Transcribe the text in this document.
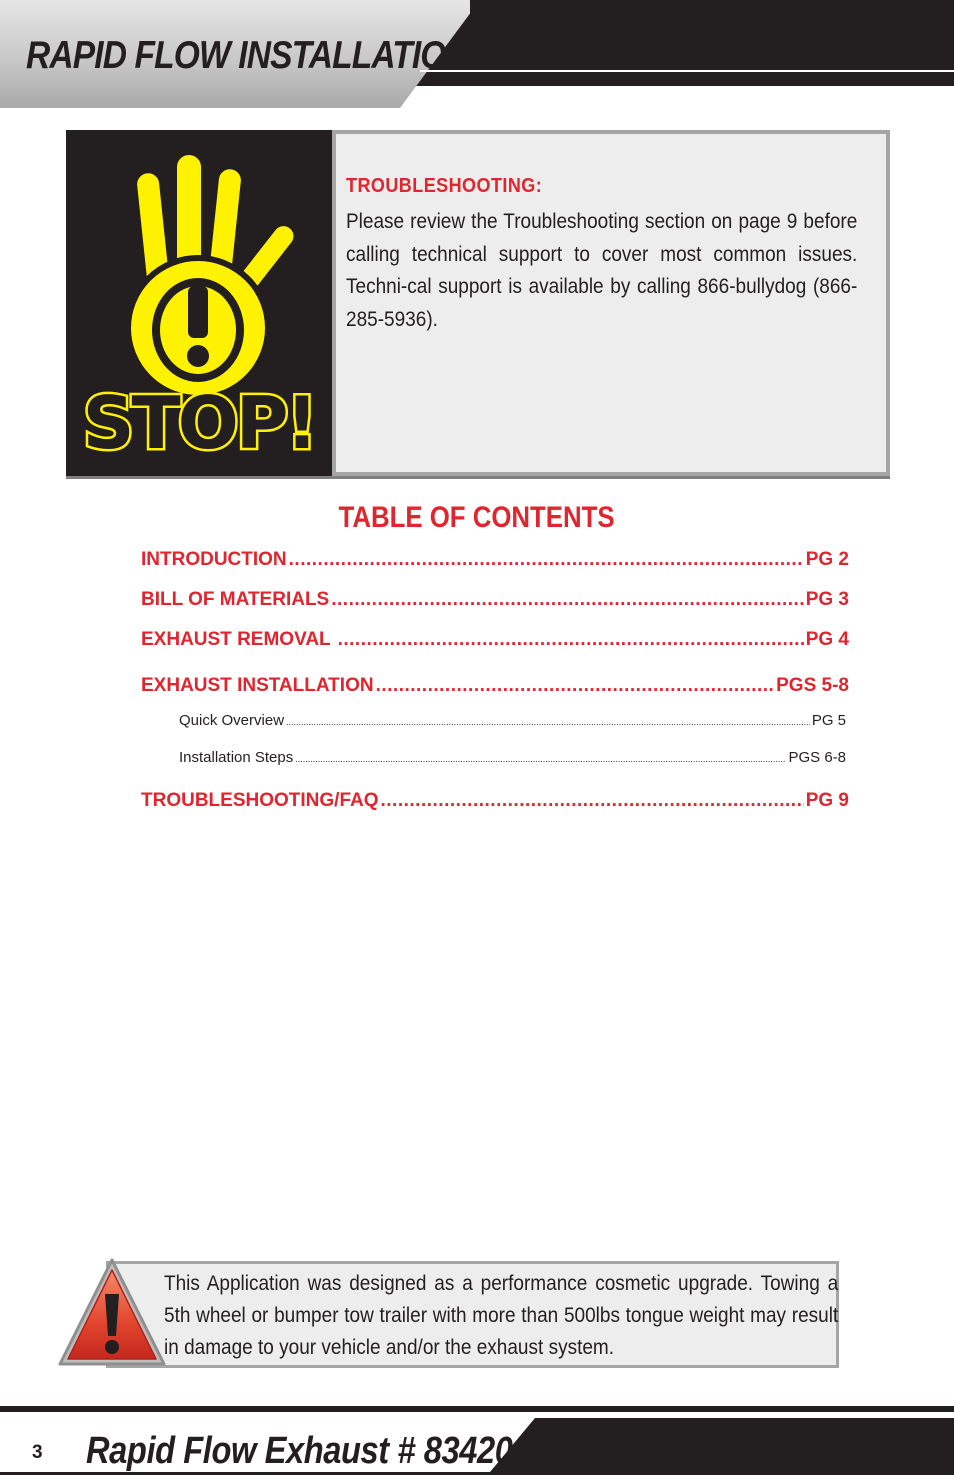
RAPID FLOW INSTALLATION
STOP!
TROUBLESHOOTING:

Please review the Troubleshooting section on page 9 before calling technical support to cover most common issues. Techni-cal support is available by calling 866-bullydog (866-285-5936).

TABLE OF CONTENTS
INTRODUCTION .....	PG 2
BILL OF MATERIALS .....	PG 3
EXHAUST REMOVAL .....	PG 4
EXHAUST INSTALLATION .....	PGS 5-8
Quick Overview .....	PG 5
Installation Steps .....	PGS 6-8
TROUBLESHOOTING/FAQ .....	PG 9

This Application was designed as a performance cosmetic upgrade. Towing a 5th wheel or bumper tow trailer with more than 500lbs tongue weight may result in damage to your vehicle and/or the exhaust system.

3 Rapid Flow Exhaust # 83420
